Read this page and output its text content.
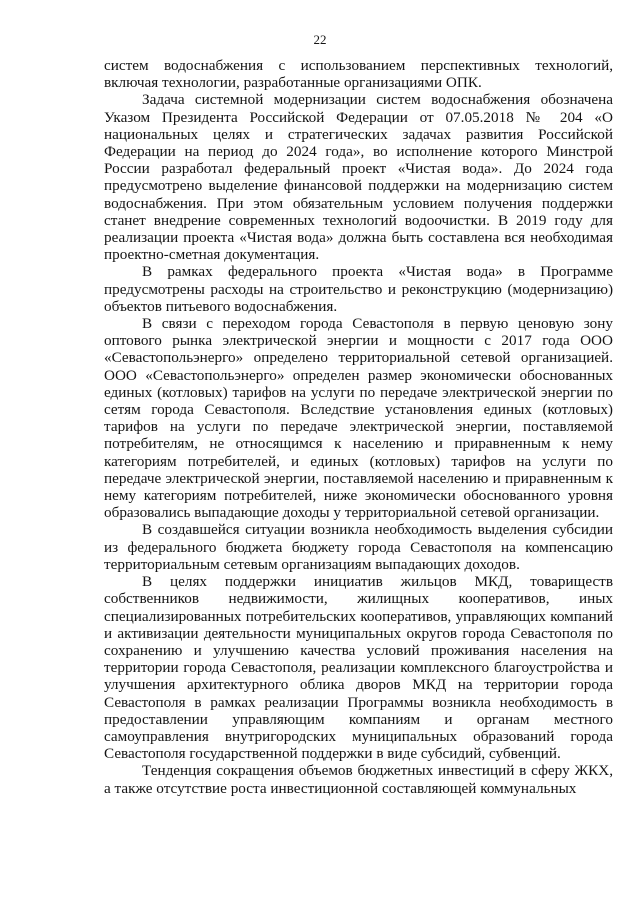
22

систем водоснабжения с использованием перспективных технологий, включая технологии, разработанные организациями ОПК.

Задача системной модернизации систем водоснабжения обозначена Указом Президента Российской Федерации от 07.05.2018 № 204 «О национальных целях и стратегических задачах развития Российской Федерации на период до 2024 года», во исполнение которого Минстрой России разработал федеральный проект «Чистая вода». До 2024 года предусмотрено выделение финансовой поддержки на модернизацию систем водоснабжения. При этом обязательным условием получения поддержки станет внедрение современных технологий водоочистки. В 2019 году для реализации проекта «Чистая вода» должна быть составлена вся необходимая проектно-сметная документация.

В рамках федерального проекта «Чистая вода» в Программе предусмотрены расходы на строительство и реконструкцию (модернизацию) объектов питьевого водоснабжения.

В связи с переходом города Севастополя в первую ценовую зону оптового рынка электрической энергии и мощности с 2017 года ООО «Севастопольэнерго» определено территориальной сетевой организацией. ООО «Севастопольэнерго» определен размер экономически обоснованных единых (котловых) тарифов на услуги по передаче электрической энергии по сетям города Севастополя. Вследствие установления единых (котловых) тарифов на услуги по передаче электрической энергии, поставляемой потребителям, не относящимся к населению и приравненным к нему категориям потребителей, и единых (котловых) тарифов на услуги по передаче электрической энергии, поставляемой населению и приравненным к нему категориям потребителей, ниже экономически обоснованного уровня образовались выпадающие доходы у территориальной сетевой организации.

В создавшейся ситуации возникла необходимость выделения субсидии из федерального бюджета бюджету города Севастополя на компенсацию территориальным сетевым организациям выпадающих доходов.

В целях поддержки инициатив жильцов МКД, товариществ собственников недвижимости, жилищных кооперативов, иных специализированных потребительских кооперативов, управляющих компаний и активизации деятельности муниципальных округов города Севастополя по сохранению и улучшению качества условий проживания населения на территории города Севастополя, реализации комплексного благоустройства и улучшения архитектурного облика дворов МКД на территории города Севастополя в рамках реализации Программы возникла необходимость в предоставлении управляющим компаниям и органам местного самоуправления внутригородских муниципальных образований города Севастополя государственной поддержки в виде субсидий, субвенций.

Тенденция сокращения объемов бюджетных инвестиций в сферу ЖКХ, а также отсутствие роста инвестиционной составляющей коммунальных
